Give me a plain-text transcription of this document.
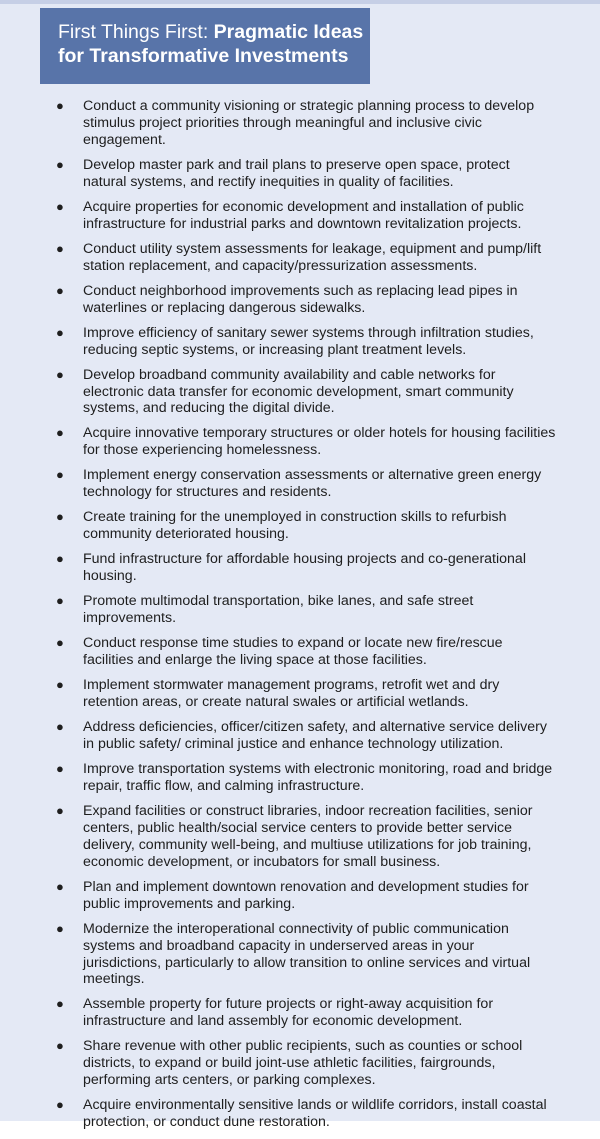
First Things First: Pragmatic Ideas for Transformative Investments
● Conduct a community visioning or strategic planning process to develop stimulus project priorities through meaningful and inclusive civic engagement.
● Develop master park and trail plans to preserve open space, protect natural systems, and rectify inequities in quality of facilities.
● Acquire properties for economic development and installation of public infrastructure for industrial parks and downtown revitalization projects.
● Conduct utility system assessments for leakage, equipment and pump/lift station replacement, and capacity/pressurization assessments.
● Conduct neighborhood improvements such as replacing lead pipes in waterlines or replacing dangerous sidewalks.
● Improve efficiency of sanitary sewer systems through infiltration studies, reducing septic systems, or increasing plant treatment levels.
● Develop broadband community availability and cable networks for electronic data transfer for economic development, smart community systems, and reducing the digital divide.
● Acquire innovative temporary structures or older hotels for housing facilities for those experiencing homelessness.
● Implement energy conservation assessments or alternative green energy technology for structures and residents.
● Create training for the unemployed in construction skills to refurbish community deteriorated housing.
● Fund infrastructure for affordable housing projects and co-generational housing.
● Promote multimodal transportation, bike lanes, and safe street improvements.
● Conduct response time studies to expand or locate new fire/rescue facilities and enlarge the living space at those facilities.
● Implement stormwater management programs, retrofit wet and dry retention areas, or create natural swales or artificial wetlands.
● Address deficiencies, officer/citizen safety, and alternative service delivery in public safety/ criminal justice and enhance technology utilization.
● Improve transportation systems with electronic monitoring, road and bridge repair, traffic flow, and calming infrastructure.
● Expand facilities or construct libraries, indoor recreation facilities, senior centers, public health/social service centers to provide better service delivery, community well-being, and multiuse utilizations for job training, economic development, or incubators for small business.
● Plan and implement downtown renovation and development studies for public improvements and parking.
● Modernize the interoperational connectivity of public communication systems and broadband capacity in underserved areas in your jurisdictions, particularly to allow transition to online services and virtual meetings.
● Assemble property for future projects or right-away acquisition for infrastructure and land assembly for economic development.
● Share revenue with other public recipients, such as counties or school districts, to expand or build joint-use athletic facilities, fairgrounds, performing arts centers, or parking complexes.
● Acquire environmentally sensitive lands or wildlife corridors, install coastal protection, or conduct dune restoration.
